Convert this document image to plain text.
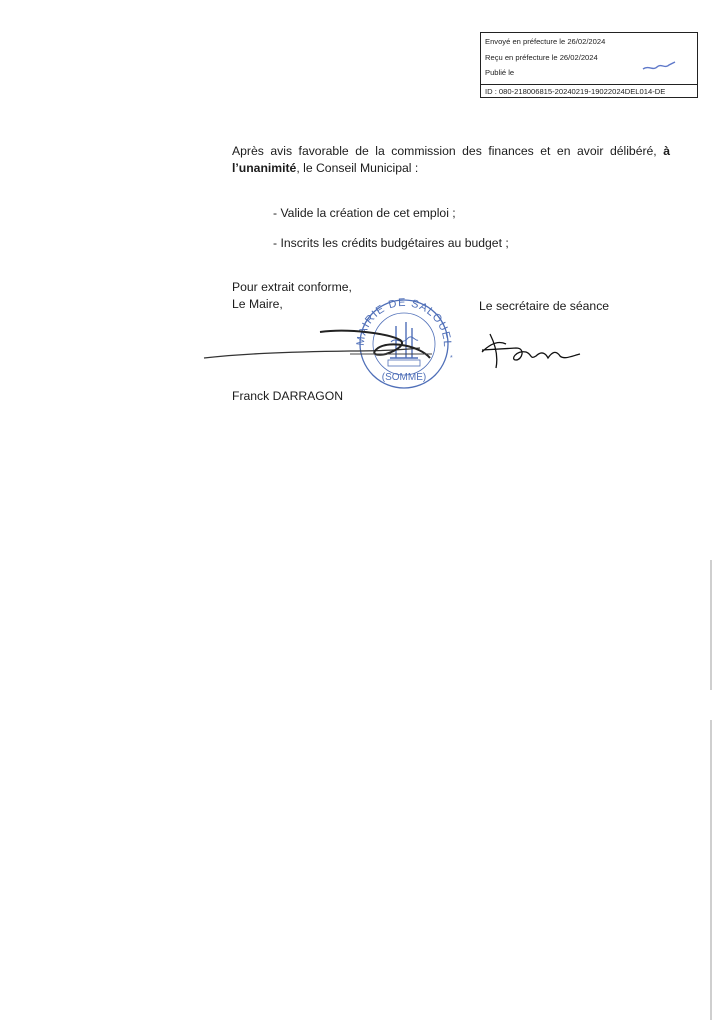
Envoyé en préfecture le 26/02/2024
Reçu en préfecture le 26/02/2024
Publié le
ID : 080-218006815-20240219-19022024DEL014-DE
Après avis favorable de la commission des finances et en avoir délibéré, à l’unanimité, le Conseil Municipal :
- Valide la création de cet emploi ;
- Inscrits les crédits budgétaires au budget ;
Pour extrait conforme,
Le Maire,	Le secrétaire de séance
MAIRIE DE SALOUEL
(SOMME)
*
Franck DARRAGON
